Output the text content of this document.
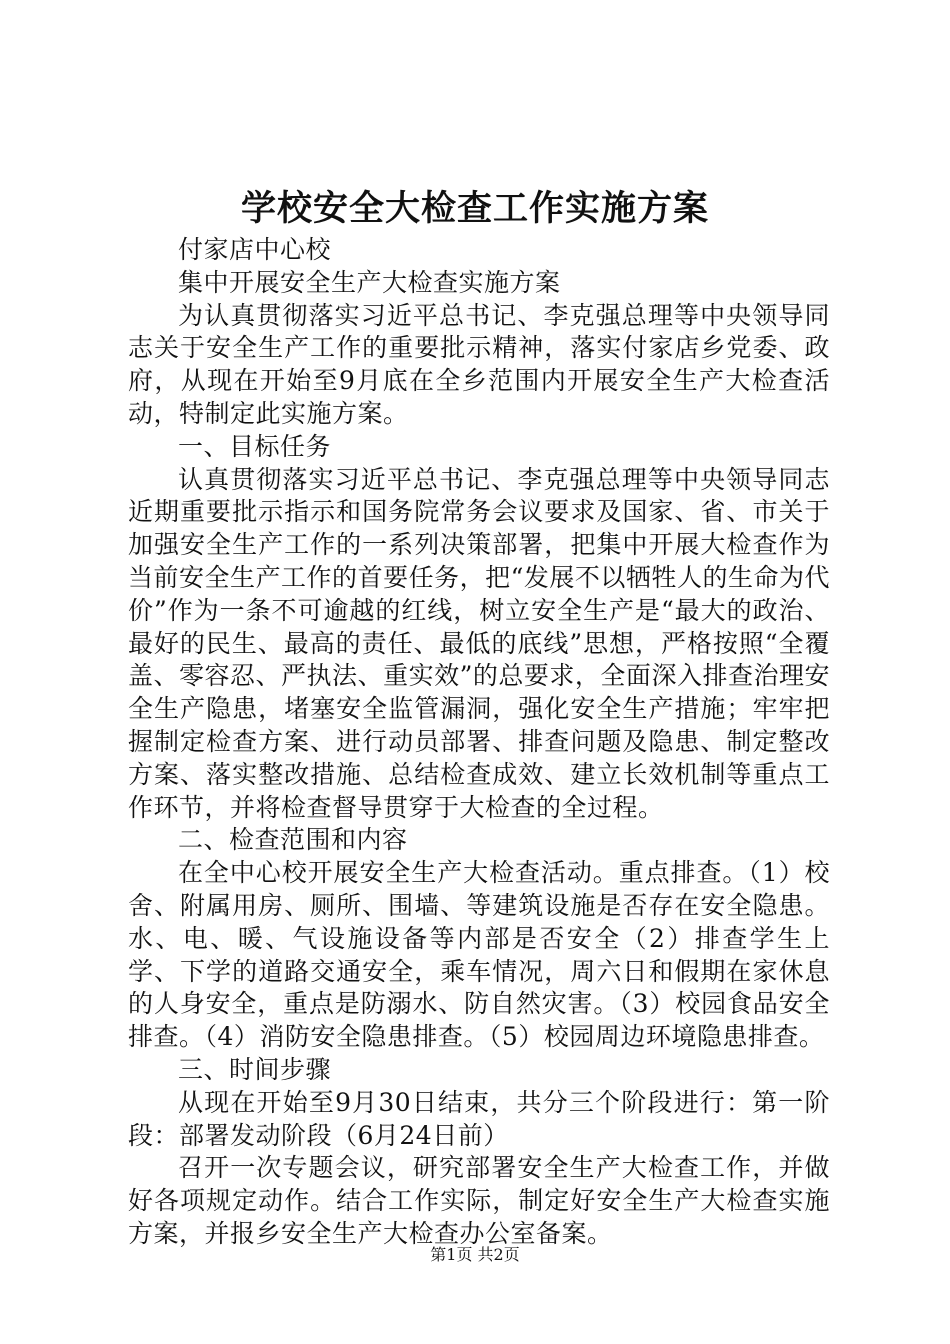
学校安全大检查工作实施方案

付家店中心校

集中开展安全生产大检查实施方案

为认真贯彻落实习近平总书记、李克强总理等中央领导同志关于安全生产工作的重要批示精神，落实付家店乡党委、政府，从现在开始至9月底在全乡范围内开展安全生产大检查活动，特制定此实施方案。

一、目标任务

认真贯彻落实习近平总书记、李克强总理等中央领导同志近期重要批示指示和国务院常务会议要求及国家、省、市关于加强安全生产工作的一系列决策部署，把集中开展大检查作为当前安全生产工作的首要任务，把“发展不以牺牲人的生命为代价”作为一条不可逾越的红线，树立安全生产是“最大的政治、最好的民生、最高的责任、最低的底线”思想，严格按照“全覆盖、零容忍、严执法、重实效”的总要求，全面深入排查治理安全生产隐患，堵塞安全监管漏洞，强化安全生产措施；牢牢把握制定检查方案、进行动员部署、排查问题及隐患、制定整改方案、落实整改措施、总结检查成效、建立长效机制等重点工作环节，并将检查督导贯穿于大检查的全过程。

二、检查范围和内容

在全中心校开展安全生产大检查活动。重点排查。（1）校舍、附属用房、厕所、围墙、等建筑设施是否存在安全隐患。水、电、暖、气设施设备等内部是否安全（2）排查学生上学、下学的道路交通安全，乘车情况，周六日和假期在家休息的人身安全，重点是防溺水、防自然灾害。（3）校园食品安全排查。（4）消防安全隐患排查。（5）校园周边环境隐患排查。

三、时间步骤

从现在开始至9月30日结束，共分三个阶段进行：第一阶段：部署发动阶段（6月24日前）

召开一次专题会议，研究部署安全生产大检查工作，并做好各项规定动作。结合工作实际，制定好安全生产大检查实施方案，并报乡安全生产大检查办公室备案。

第1页 共2页
